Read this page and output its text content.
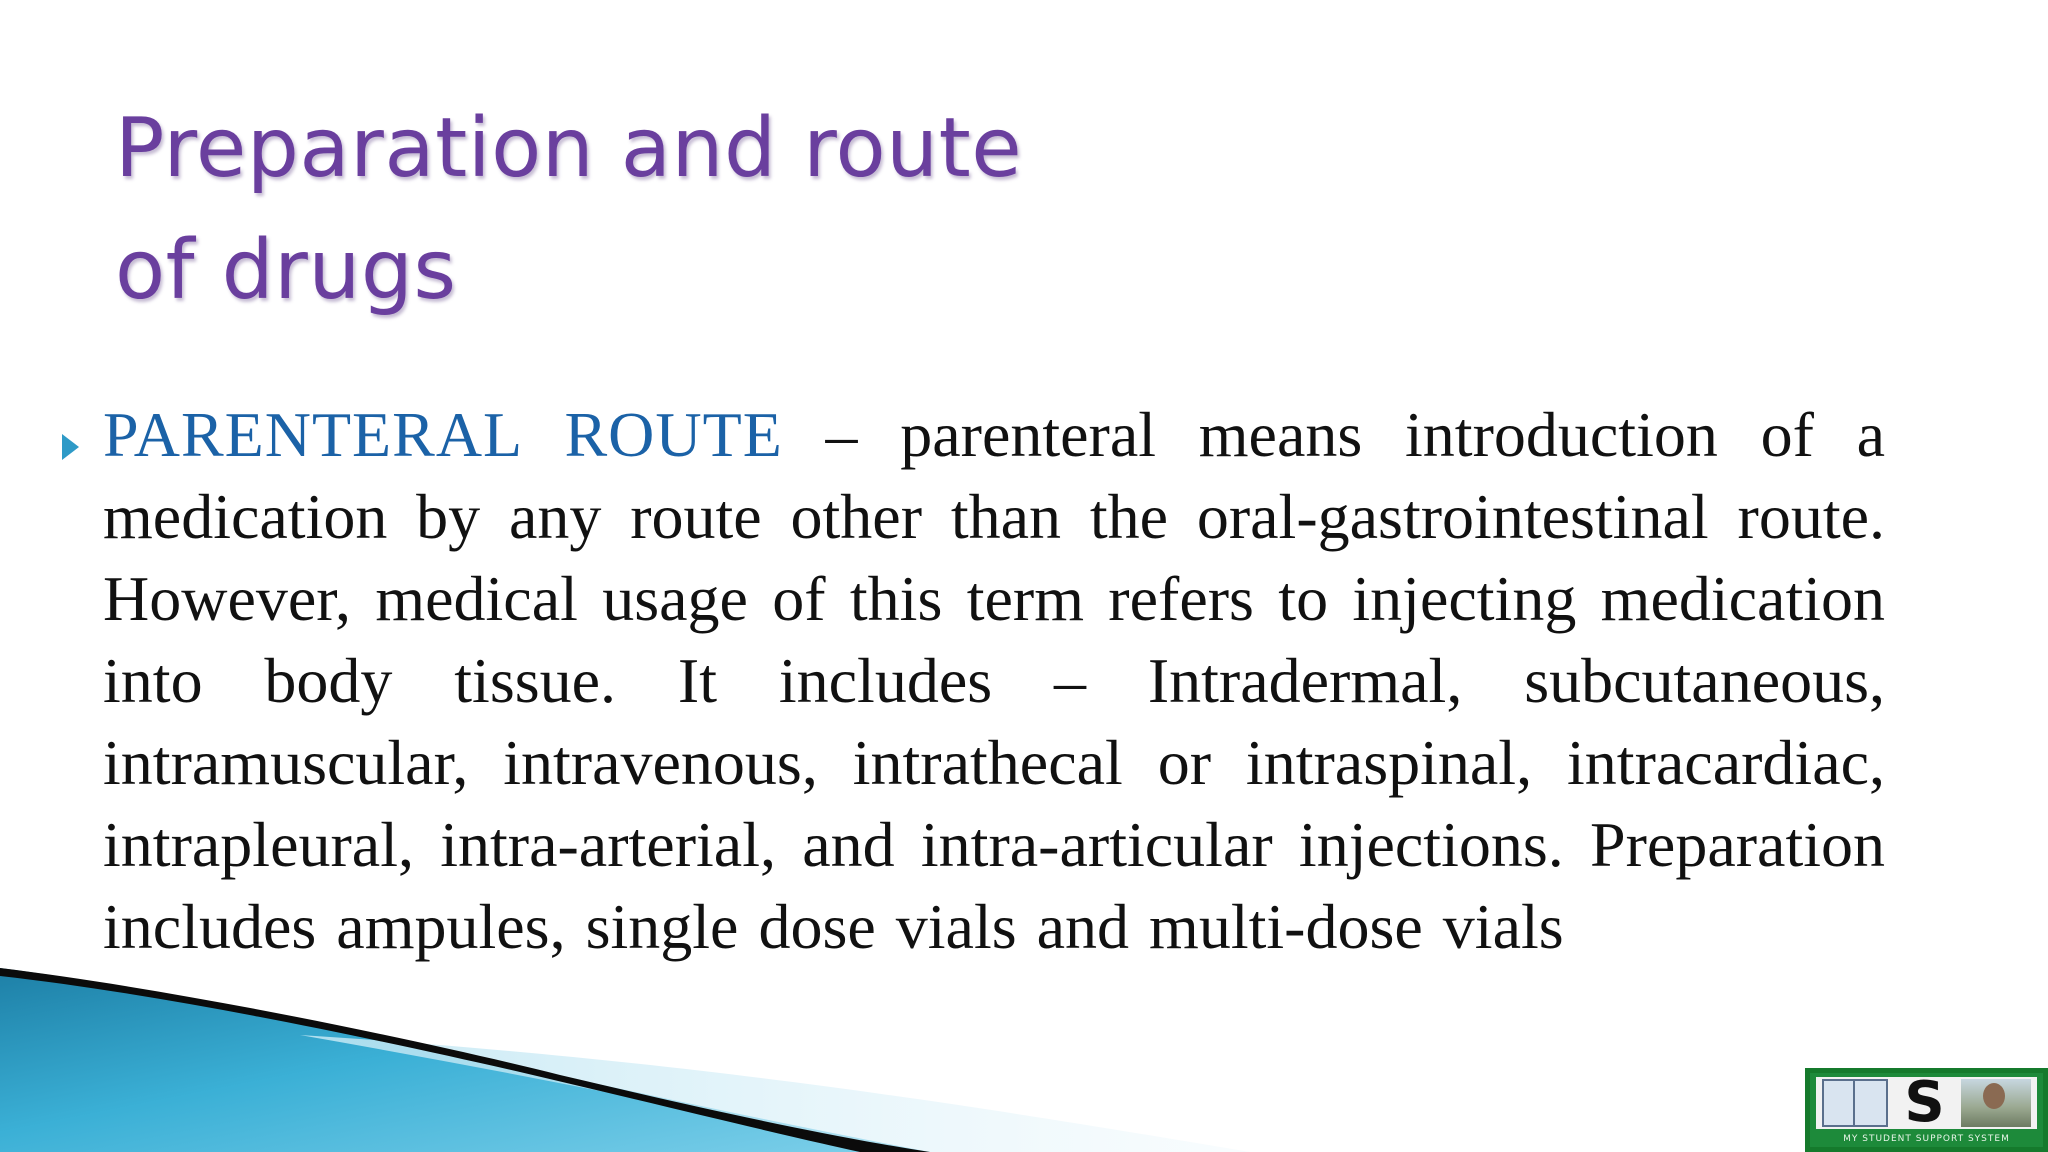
Preparation and route
of drugs

PARENTERAL ROUTE – parenteral means introduction of a medication by any route other than the oral-gastrointestinal route. However, medical usage of this term refers to injecting medication into body tissue. It includes – Intradermal, subcutaneous, intramuscular, intravenous, intrathecal or intraspinal, intracardiac, intrapleural, intra-arterial, and intra-articular injections. Preparation includes ampules, single dose vials and multi-dose vials

S
MY STUDENT SUPPORT SYSTEM
